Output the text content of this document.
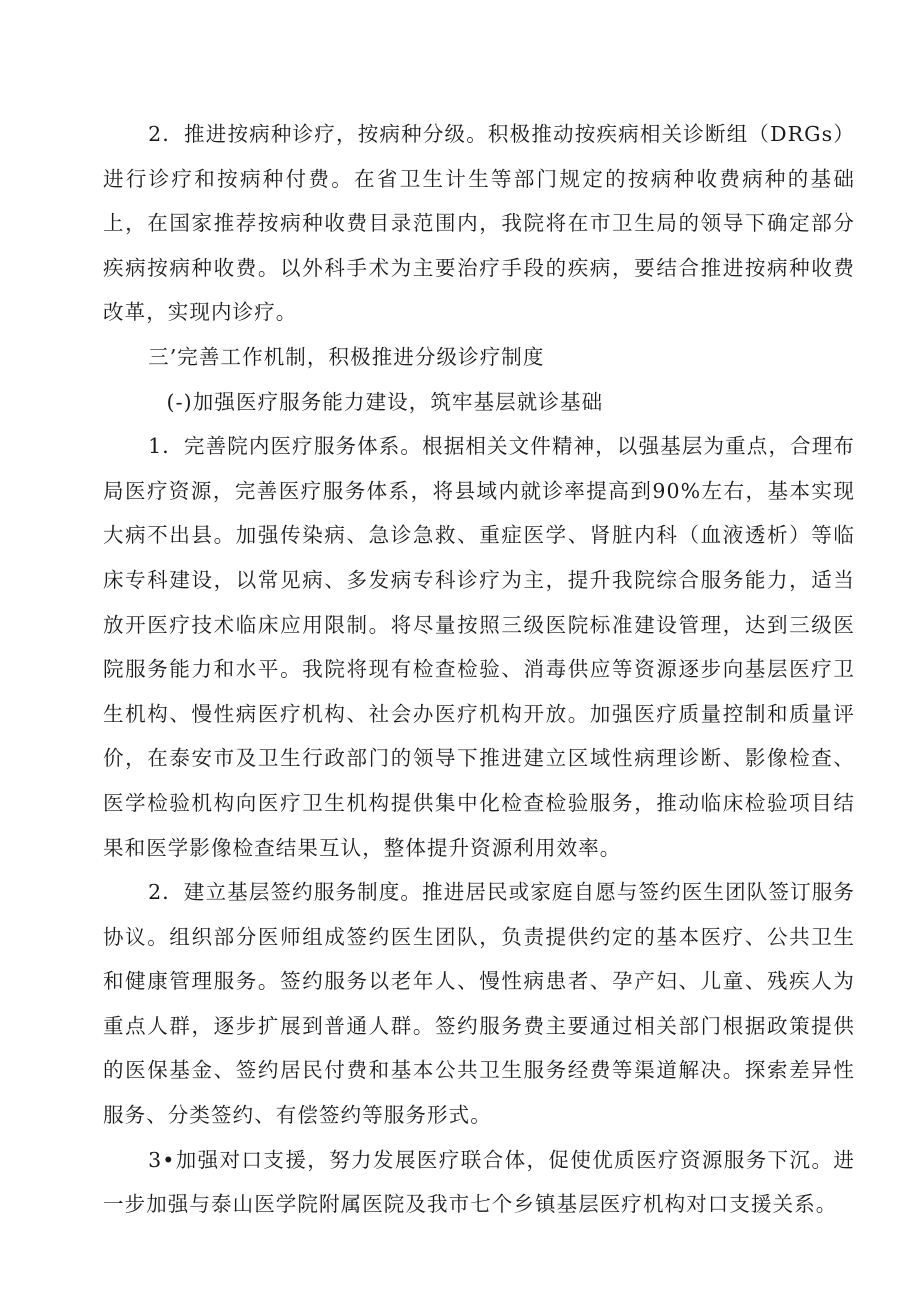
2．推进按病种诊疗，按病种分级。积极推动按疾病相关诊断组（DRGs）进行诊疗和按病种付费。在省卫生计生等部门规定的按病种收费病种的基础上，在国家推荐按病种收费目录范围内，我院将在市卫生局的领导下确定部分疾病按病种收费。以外科手术为主要治疗手段的疾病，要结合推进按病种收费改革，实现内诊疗。

三’完善工作机制，积极推进分级诊疗制度

(-)加强医疗服务能力建设，筑牢基层就诊基础

1．完善院内医疗服务体系。根据相关文件精神，以强基层为重点，合理布局医疗资源，完善医疗服务体系，将县域内就诊率提高到90%左右，基本实现大病不出县。加强传染病、急诊急救、重症医学、肾脏内科（血液透析）等临床专科建设，以常见病、多发病专科诊疗为主，提升我院综合服务能力，适当放开医疗技术临床应用限制。将尽量按照三级医院标准建设管理，达到三级医院服务能力和水平。我院将现有检查检验、消毒供应等资源逐步向基层医疗卫生机构、慢性病医疗机构、社会办医疗机构开放。加强医疗质量控制和质量评价，在泰安市及卫生行政部门的领导下推进建立区域性病理诊断、影像检查、医学检验机构向医疗卫生机构提供集中化检查检验服务，推动临床检验项目结果和医学影像检查结果互认，整体提升资源利用效率。

2．建立基层签约服务制度。推进居民或家庭自愿与签约医生团队签订服务协议。组织部分医师组成签约医生团队，负责提供约定的基本医疗、公共卫生和健康管理服务。签约服务以老年人、慢性病患者、孕产妇、儿童、残疾人为重点人群，逐步扩展到普通人群。签约服务费主要通过相关部门根据政策提供的医保基金、签约居民付费和基本公共卫生服务经费等渠道解决。探索差异性服务、分类签约、有偿签约等服务形式。

3•加强对口支援，努力发展医疗联合体，促使优质医疗资源服务下沉。进一步加强与泰山医学院附属医院及我市七个乡镇基层医疗机构对口支援关系。
